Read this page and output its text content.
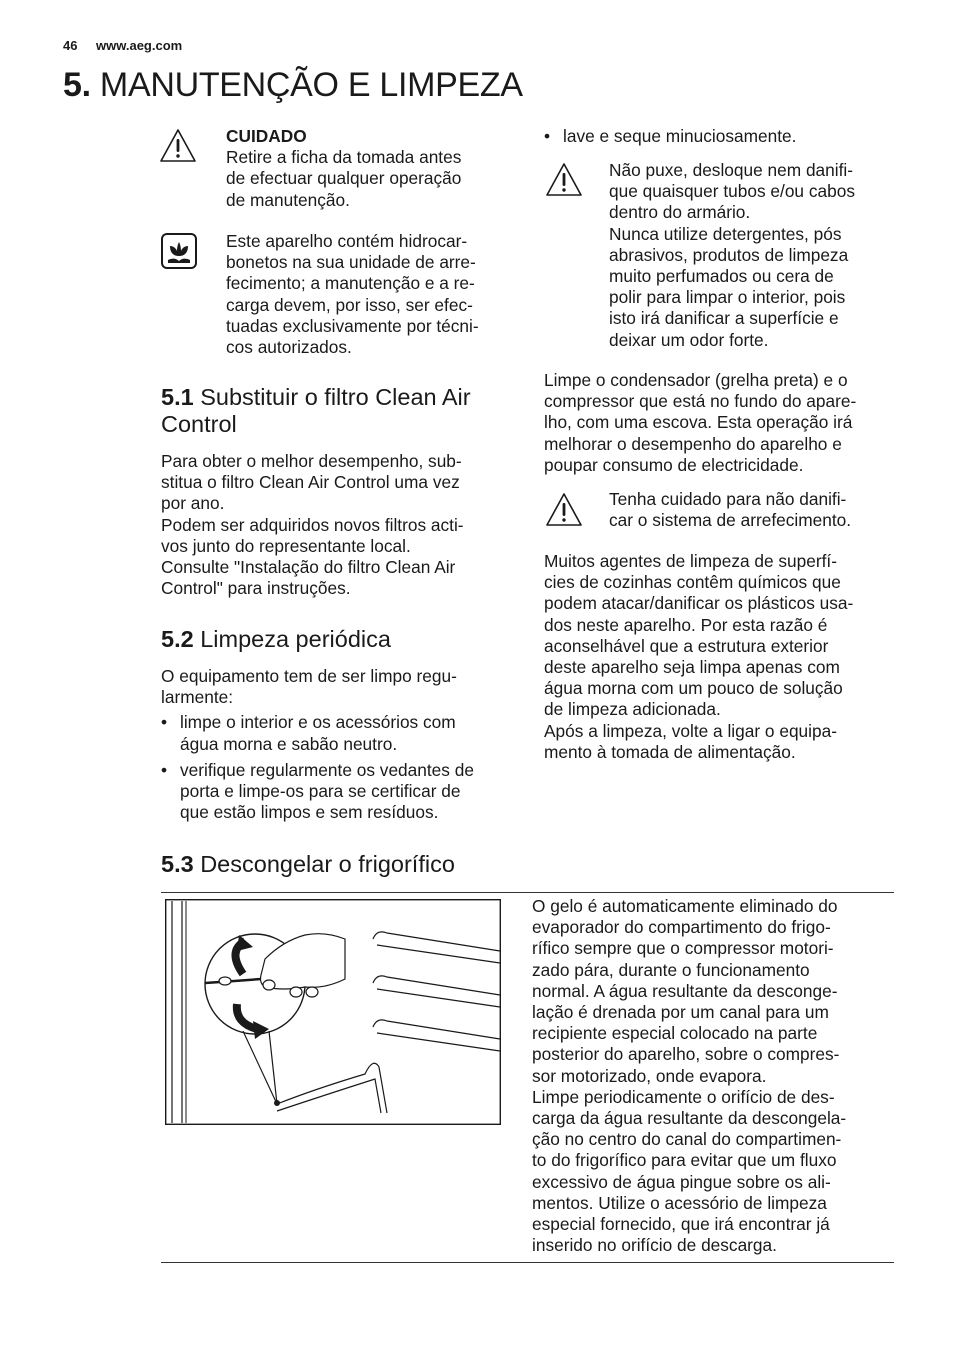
46 www.aeg.com
5. MANUTENÇÃO E LIMPEZA

CUIDADO

Retire a ficha da tomada antes

de efectuar qualquer operação

de manutenção.

Este aparelho contém hidrocar-

bonetos na sua unidade de arre-

fecimento; a manutenção e a re-

carga devem, por isso, ser efec-

tuadas exclusivamente por técni-

cos autorizados.

5.1 Substituir o filtro Clean Air
Control

Para obter o melhor desempenho, sub-

stitua o filtro Clean Air Control uma vez

por ano.

Podem ser adquiridos novos filtros acti-

vos junto do representante local.

Consulte "Instalação do filtro Clean Air

Control" para instruções.

5.2 Limpeza periódica

O equipamento tem de ser limpo regu-

larmente:

• limpe o interior e os acessórios com

água morna e sabão neutro.

• verifique regularmente os vedantes de

porta e limpe-os para se certificar de

que estão limpos e sem resíduos.

• lave e seque minuciosamente.

Não puxe, desloque nem danifi-

que quaisquer tubos e/ou cabos

dentro do armário.

Nunca utilize detergentes, pós

abrasivos, produtos de limpeza

muito perfumados ou cera de

polir para limpar o interior, pois

isto irá danificar a superfície e

deixar um odor forte.

Limpe o condensador (grelha preta) e o

compressor que está no fundo do apare-

lho, com uma escova. Esta operação irá

melhorar o desempenho do aparelho e

poupar consumo de electricidade.

Tenha cuidado para não danifi-

car o sistema de arrefecimento.

Muitos agentes de limpeza de superfí-

cies de cozinhas contêm químicos que

podem atacar/danificar os plásticos usa-

dos neste aparelho. Por esta razão é

aconselhável que a estrutura exterior

deste aparelho seja limpa apenas com

água morna com um pouco de solução

de limpeza adicionada.

Após a limpeza, volte a ligar o equipa-

mento à tomada de alimentação.

5.3 Descongelar o frigorífico

O gelo é automaticamente eliminado do

evaporador do compartimento do frigo-

rífico sempre que o compressor motori-

zado pára, durante o funcionamento

normal. A água resultante da desconge-

lação é drenada por um canal para um

recipiente especial colocado na parte

posterior do aparelho, sobre o compres-

sor motorizado, onde evapora.

Limpe periodicamente o orifício de des-

carga da água resultante da descongela-

ção no centro do canal do compartimen-

to do frigorífico para evitar que um fluxo

excessivo de água pingue sobre os ali-

mentos. Utilize o acessório de limpeza

especial fornecido, que irá encontrar já

inserido no orifício de descarga.
